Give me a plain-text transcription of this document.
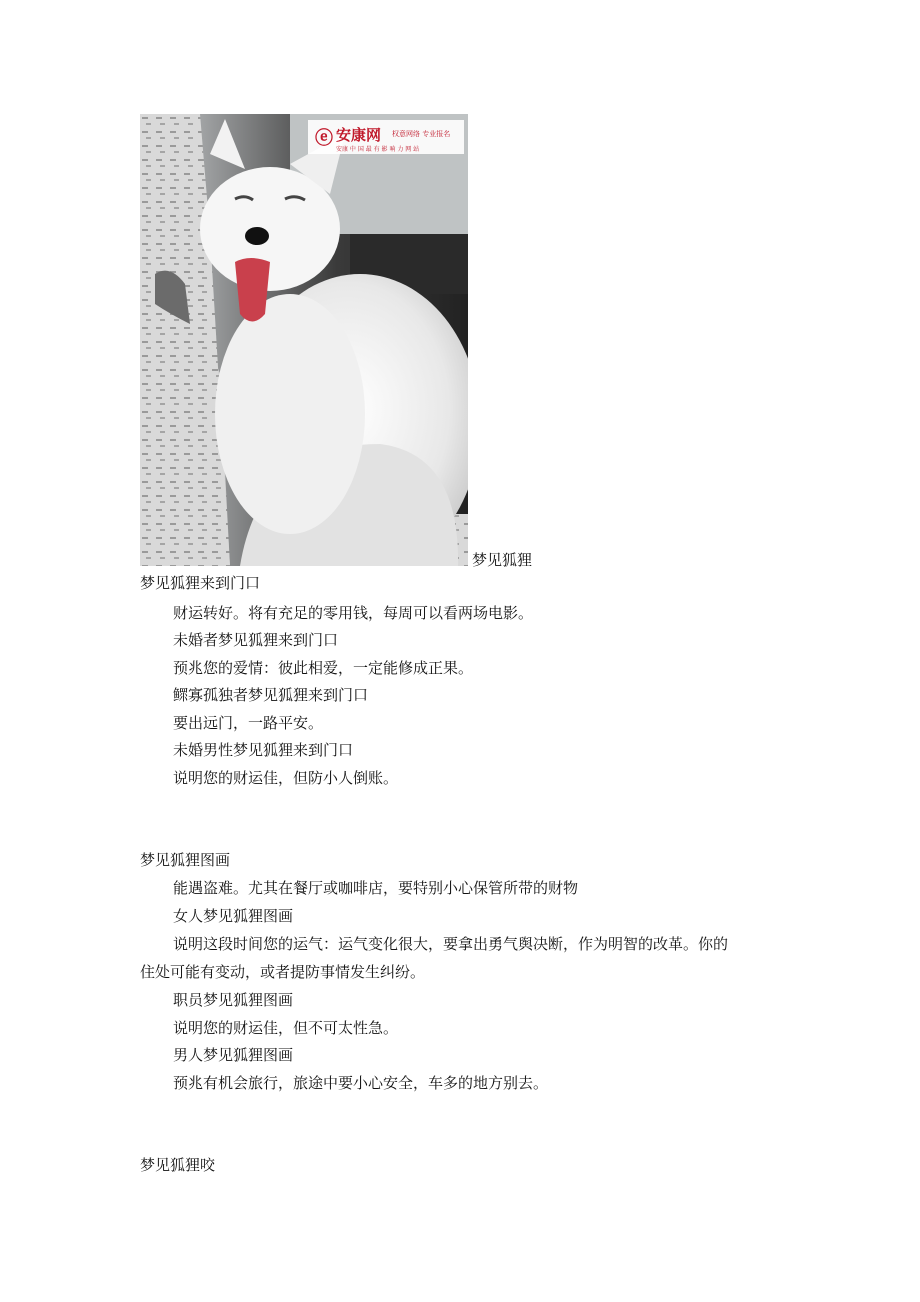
ⓔ 安康网 权意网络 专业报名
安康 中 国 最 有 影 响 力 网 站
梦见狐狸
梦见狐狸来到门口
财运转好。将有充足的零用钱，每周可以看两场电影。
未婚者梦见狐狸来到门口
预兆您的爱情：彼此相爱，一定能修成正果。
鳏寡孤独者梦见狐狸来到门口
要出远门，一路平安。
未婚男性梦见狐狸来到门口
说明您的财运佳，但防小人倒账。
梦见狐狸图画
能遇盗难。尤其在餐厅或咖啡店，要特别小心保管所带的财物
女人梦见狐狸图画
说明这段时间您的运气：运气变化很大，要拿出勇气舆决断，作为明智的改革。你的
住处可能有变动，或者提防事情发生纠纷。
职员梦见狐狸图画
说明您的财运佳，但不可太性急。
男人梦见狐狸图画
预兆有机会旅行，旅途中要小心安全，车多的地方别去。
梦见狐狸咬
